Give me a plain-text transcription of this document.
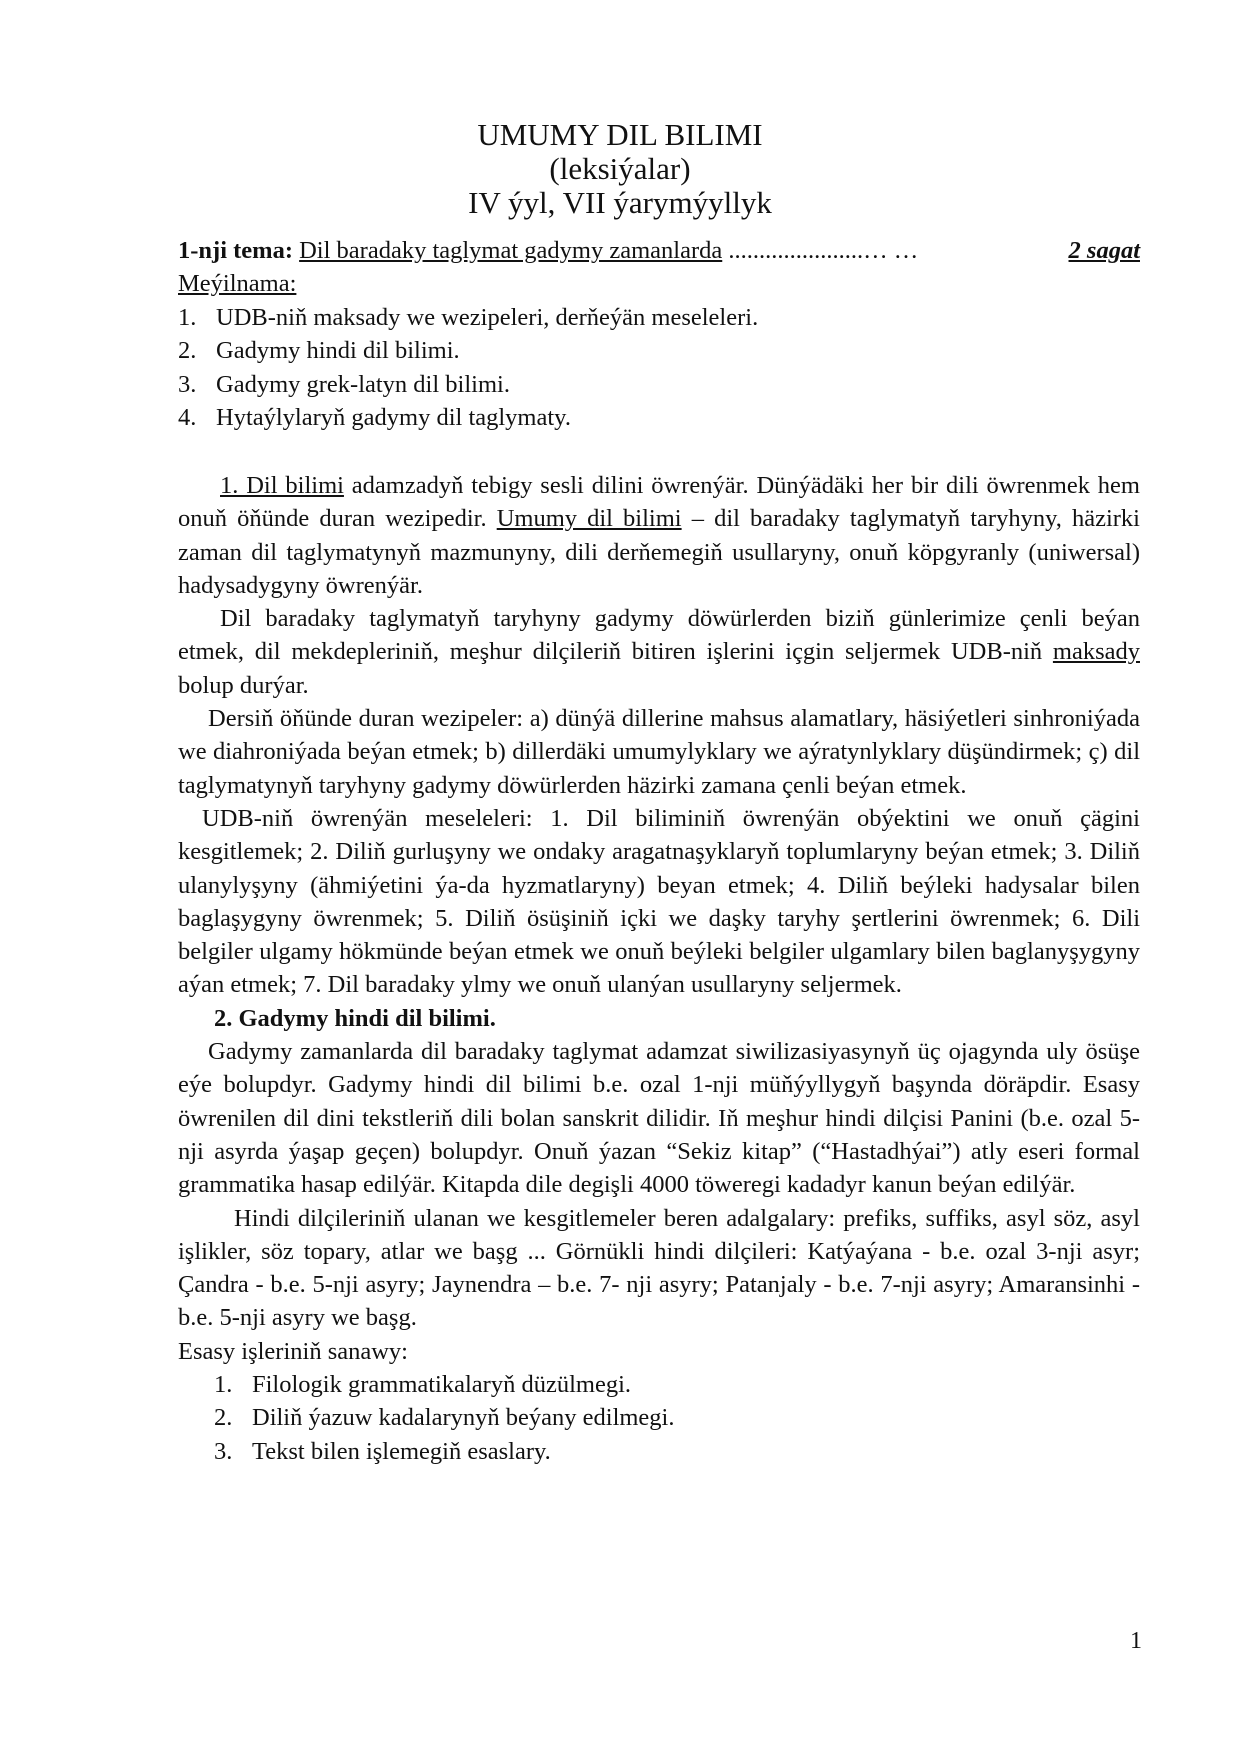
UMUMY DIL BILIMI
(leksiýalar)
IV ýyl, VII ýarymýyllyk
1-nji tema: Dil baradaky taglymat gadymy zamanlarda ......................… …	2 sagat
Meýilnama:
1. UDB-niň maksady we wezipeleri, derňeýän meseleleri.
2. Gadymy hindi dil bilimi.
3. Gadymy grek-latyn dil bilimi.
4. Hytaýlylaryň gadymy dil taglymaty.

1. Dil bilimi adamzadyň tebigy sesli dilini öwrenýär. Dünýädäki her bir dili öwrenmek hem onuň öňünde duran wezipedir. Umumy dil bilimi – dil baradaky taglymatyň taryhyny, häzirki zaman dil taglymatynyň mazmunyny, dili derňemegiň usullaryny, onuň köpgyranly (uniwersal) hadysadygyny öwrenýär.

Dil baradaky taglymatyň taryhyny gadymy döwürlerden biziň günlerimize çenli beýan etmek, dil mekdepleriniň, meşhur dilçileriň bitiren işlerini içgin seljermek UDB-niň maksady bolup durýar.

Dersiň öňünde duran wezipeler: a) dünýä dillerine mahsus alamatlary, häsiýetleri sinhroniýada we diahroniýada beýan etmek; b) dillerdäki umumylyklary we aýratynlyklary düşündirmek; ç) dil taglymatynyň taryhyny gadymy döwürlerden häzirki zamana çenli beýan etmek.

UDB-niň öwrenýän meseleleri: 1. Dil biliminiň öwrenýän obýektini we onuň çägini kesgitlemek; 2. Diliň gurluşyny we ondaky aragatnaşyklaryň toplumlaryny beýan etmek; 3. Diliň ulanylyşyny (ähmiýetini ýa-da hyzmatlaryny) beyan etmek; 4. Diliň beýleki hadysalar bilen baglaşygyny öwrenmek; 5. Diliň ösüşiniň içki we daşky taryhy şertlerini öwrenmek; 6. Dili belgiler ulgamy hökmünde beýan etmek we onuň beýleki belgiler ulgamlary bilen baglanyşygyny aýan etmek; 7. Dil baradaky ylmy we onuň ulanýan usullaryny seljermek.

2. Gadymy hindi dil bilimi.

Gadymy zamanlarda dil baradaky taglymat adamzat siwilizasiyasynyň üç ojagynda uly ösüşe eýe bolupdyr. Gadymy hindi dil bilimi b.e. ozal 1-nji müňýyllygyň başynda döräpdir. Esasy öwrenilen dil dini tekstleriň dili bolan sanskrit dilidir. Iň meşhur hindi dilçisi Panini (b.e. ozal 5-nji asyrda ýaşap geçen) bolupdyr. Onuň ýazan “Sekiz kitap” (“Hastadhýai”) atly eseri formal grammatika hasap edilýär. Kitapda dile degişli 4000 töweregi kadadyr kanun beýan edilýär.

Hindi dilçileriniň ulanan we kesgitlemeler beren adalgalary: prefiks, suffiks, asyl söz, asyl işlikler, söz topary, atlar we başg ... Görnükli hindi dilçileri: Katýaýana - b.e. ozal 3-nji asyr; Çandra - b.e. 5-nji asyry; Jaynendra – b.e. 7- nji asyry; Patanjaly - b.e. 7-nji asyry; Amaransinhi - b.e. 5-nji asyry we başg.

Esasy işleriniň sanawy:

1. Filologik grammatikalaryň düzülmegi.
2. Diliň ýazuw kadalarynyň beýany edilmegi.
3. Tekst bilen işlemegiň esaslary.
1
